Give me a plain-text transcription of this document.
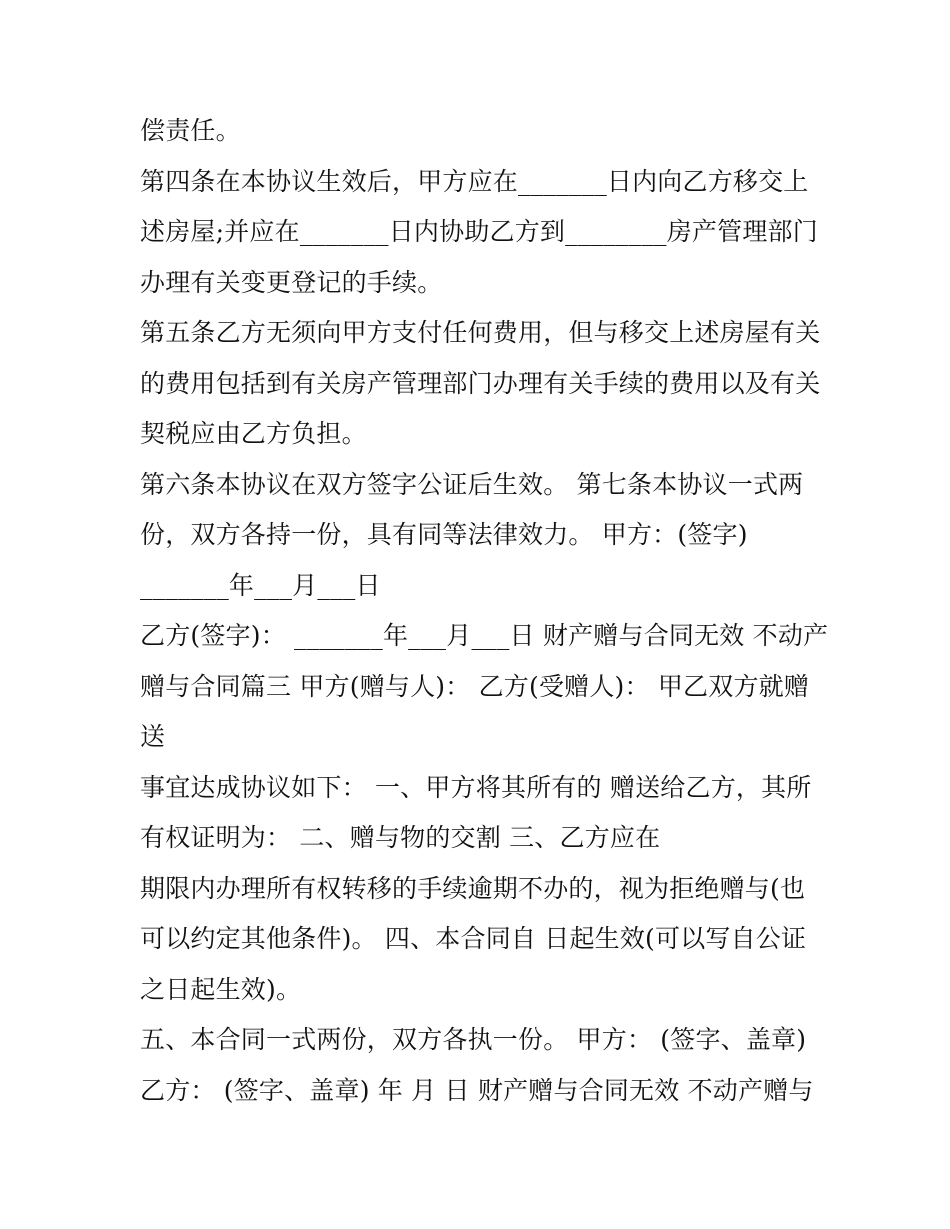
偿责任。
第四条在本协议生效后，甲方应在_______日内向乙方移交上
述房屋;并应在_______日内协助乙方到________房产管理部门
办理有关变更登记的手续。
第五条乙方无须向甲方支付任何费用，但与移交上述房屋有关
的费用包括到有关房产管理部门办理有关手续的费用以及有关
契税应由乙方负担。
第六条本协议在双方签字公证后生效。 第七条本协议一式两
份，双方各持一份，具有同等法律效力。 甲方：(签字)
_______年___月___日
乙方(签字)： _______年___月___日 财产赠与合同无效 不动产
赠与合同篇三 甲方(赠与人)： 乙方(受赠人)： 甲乙双方就赠
送
事宜达成协议如下： 一、甲方将其所有的 赠送给乙方，其所
有权证明为： 二、赠与物的交割 三、乙方应在
期限内办理所有权转移的手续逾期不办的，视为拒绝赠与(也
可以约定其他条件)。 四、本合同自 日起生效(可以写自公证
之日起生效)。
五、本合同一式两份，双方各执一份。 甲方： (签字、盖章)
乙方： (签字、盖章) 年 月 日 财产赠与合同无效 不动产赠与
